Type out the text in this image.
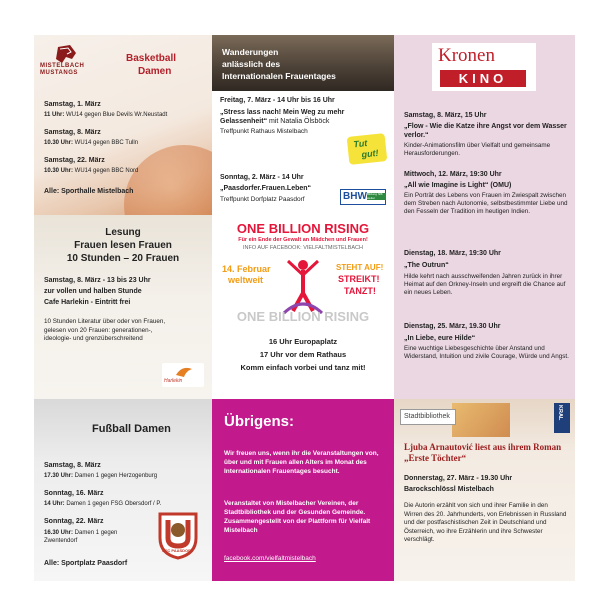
MISTELBACH
MUSTANGS
Basketball
Damen
Samstag, 1. März
11 Uhr: WU14 gegen Blue Devils Wr.Neustadt
Samstag, 8. März
10.30 Uhr: WU14 gegen BBC Tulln
Samstag, 22. März
10.30 Uhr: WU14 gegen BBC Nord
Alle: Sporthalle Mistelbach
Wanderungen
anlässlich des
Internationalen Frauentages
Freitag, 7. März - 14 Uhr bis 16 Uhr
„Stress lass nach! Mein Weg zu mehr Gelassenheit“ mit Natalia Ölsböck
Treffpunkt Rathaus Mistelbach
Tut
gut!
Sonntag, 2. März - 14 Uhr
„Paasdorfer.Frauen.Leben“
Treffpunkt Dorfplatz Paasdorf	BHW Bildung hilft weiter
Kronen
KINO
Samstag, 8. März, 15 Uhr
„Flow - Wie die Katze ihre Angst vor dem Wasser verlor.“
Kinder-Animationsfilm über Vielfalt und gemeinsame Herausforderungen.
Mittwoch, 12. März, 19:30 Uhr
„All wie Imagine is Light“ (OMU)
Ein Porträt des Lebens von Frauen im Zwiespalt zwischen dem Streben nach Autonomie, selbstbestimmter Liebe und den Fesseln der Tradition im heutigen Indien.
Dienstag, 18. März, 19:30 Uhr
„The Outrun“
Hilde kehrt nach ausschweifenden Jahren zurück in ihrer Heimat auf den Orkney-Inseln und ergreift die Chance auf ein neues Leben.
Dienstag, 25. März, 19.30 Uhr
„In Liebe, eure Hilde“
Eine wuchtige Liebesgeschichte über Anstand und Widerstand, Intuition und zivile Courage, Würde und Angst.
Lesung
Frauen lesen Frauen
10 Stunden – 20 Frauen
Samstag, 8. März - 13 bis 23 Uhr
zur vollen und halben Stunde
Cafe Harlekin - Eintritt frei
10 Stunden Literatur über oder von Frauen, gelesen von 20 Frauen: generationen-, ideologie- und grenzüberschreitend
Harlekin
ONE BILLION RISING
Für ein Ende der Gewalt an Mädchen und Frauen!
INFO AUF FACEBOOK: VIELFALTMISTELBACH
14. Februar
weltweit
STEHT AUF!
STREIKT!
TANZT!
ONE BILLION RISING
16 Uhr Europaplatz
17 Uhr vor dem Rathaus
Komm einfach vorbei und tanz mit!
Fußball Damen
Samstag, 8. März
17.30 Uhr: Damen 1 gegen Herzogenburg
Sonntag, 16. März
14 Uhr: Damen 1 gegen FSG Obersdorf / P.
Sonntag, 22. März
16.30 Uhr: Damen 1 gegen Zwentendorf
Alle: Sportplatz Paasdorf
UFC PAASDORF
Übrigens:
Wir freuen uns, wenn ihr die Veranstaltungen von, über und mit Frauen allen Alters im Monat des Internationalen Frauentages besucht.
Veranstaltet von Mistelbacher Vereinen, der Stadtbibliothek und der Gesunden Gemeinde. Zusammengestellt von der Plattform für Vielfalt Mistelbach
facebook.com/vielfaltmistelbach
Stadtbibliothek	KRAL
Ljuba Arnautović liest aus ihrem Roman „Erste Töchter“
Donnerstag, 27. März - 19.30 Uhr
Barockschlössl Mistelbach
Die Autorin erzählt von sich und ihrer Familie in den Wirren des 20. Jahrhunderts, von Erlebnissen in Russland und der postfaschistischen Zeit in Deutschland und Österreich, wo ihre Erzählerin und ihre Schwester verschlägt.
